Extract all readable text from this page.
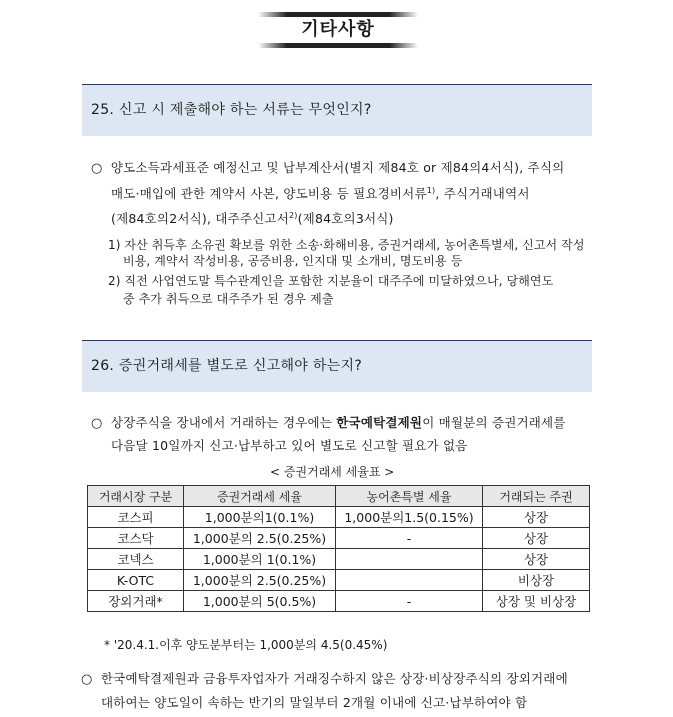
기타사항
25. 신고 시 제출해야 하는 서류는 무엇인지?
○ 양도소득과세표준 예정신고 및 납부계산서(별지 제84호 or 제84의4서식), 주식의
매도·매입에 관한 계약서 사본, 양도비용 등 필요경비서류$^{1)}$, 주식거래내역서
(제84호의2서식), 대주주신고서$^{2)}$(제84호의3서식)
1) 자산 취득후 소유권 확보를 위한 소송·화해비용, 증권거래세, 농어촌특별세, 신고서 작성
비용, 계약서 작성비용, 공증비용, 인지대 및 소개비, 명도비용 등
2) 직전 사업연도말 특수관계인을 포함한 지분율이 대주주에 미달하였으나, 당해연도
중 추가 취득으로 대주주가 된 경우 제출
26. 증권거래세를 별도로 신고해야 하는지?
○ 상장주식을 장내에서 거래하는 경우에는 한국예탁결제원이 매월분의 증권거래세를
다음달 10일까지 신고·납부하고 있어 별도로 신고할 필요가 없음
< 증권거래세 세율표 >
거래시장 구분	증권거래세 세율	농어촌특별 세율	거래되는 주권
코스피	1,000분의1(0.1%)	1,000분의1.5(0.15%)	상장
코스닥	1,000분의 2.5(0.25%)	-	상장
코넥스	1,000분의 1(0.1%)		상장
K-OTC	1,000분의 2.5(0.25%)		비상장
장외거래*	1,000분의 5(0.5%)	-	상장 및 비상장
* '20.4.1.이후 양도분부터는 1,000분의 4.5(0.45%)
○ 한국예탁결제원과 금융투자업자가 거래징수하지 않은 상장·비상장주식의 장외거래에
대하여는 양도일이 속하는 반기의 말일부터 2개월 이내에 신고·납부하여야 함
